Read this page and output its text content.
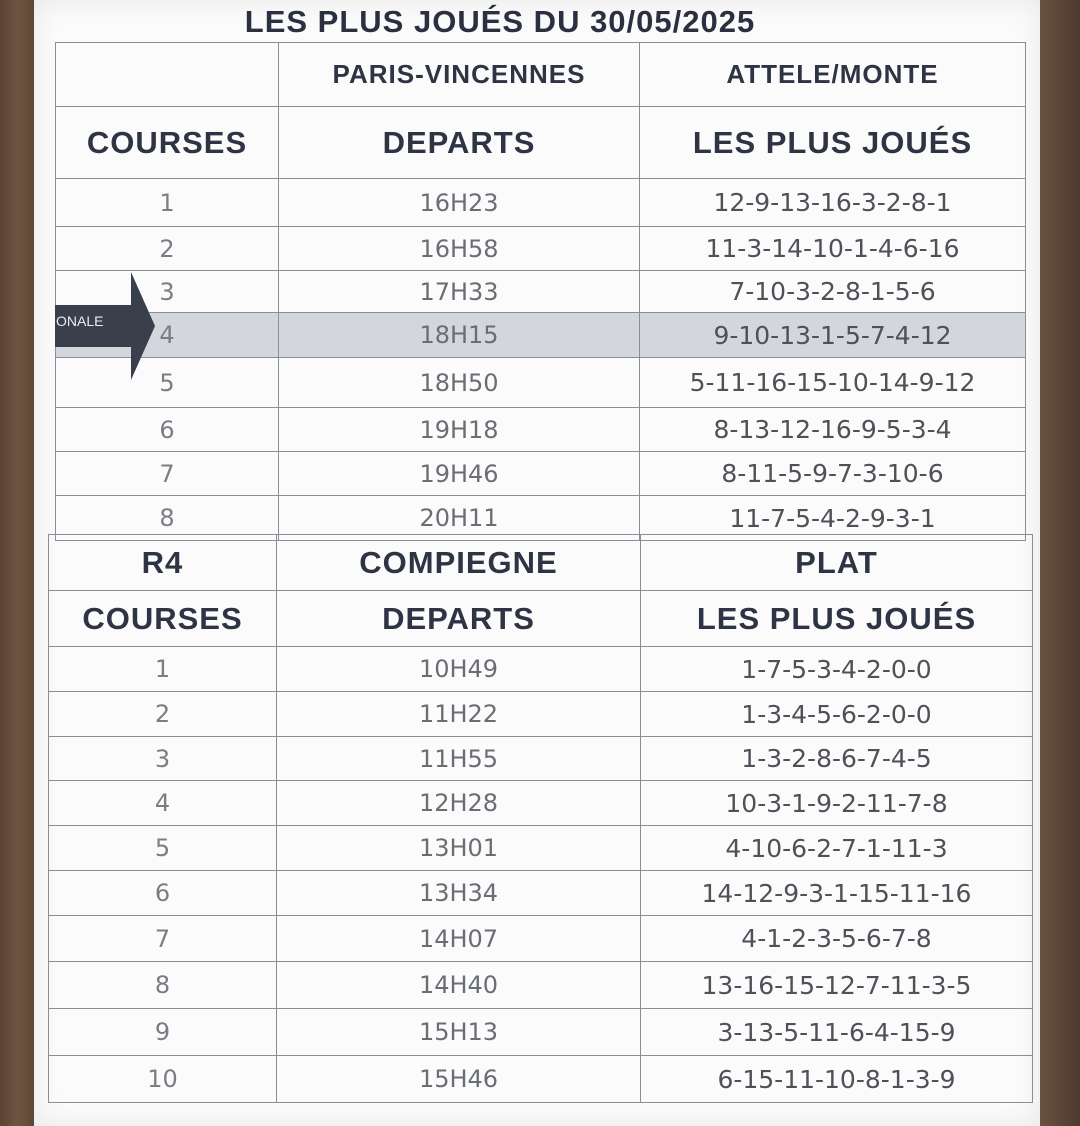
LES PLUS JOUÉS DU 30/05/2025
	PARIS-VINCENNES	ATTELE/MONTE
COURSES	DEPARTS	LES PLUS JOUÉS
1	16H23	12-9-13-16-3-2-8-1
2	16H58	11-3-14-10-1-4-6-16
3	17H33	7-10-3-2-8-1-5-6
4	18H15	9-10-13-1-5-7-4-12
5	18H50	5-11-16-15-10-14-9-12
6	19H18	8-13-12-16-9-5-3-4
7	19H46	8-11-5-9-7-3-10-6
8	20H11	11-7-5-4-2-9-3-1
R4	COMPIEGNE	PLAT
COURSES	DEPARTS	LES PLUS JOUÉS
1	10H49	1-7-5-3-4-2-0-0
2	11H22	1-3-4-5-6-2-0-0
3	11H55	1-3-2-8-6-7-4-5
4	12H28	10-3-1-9-2-11-7-8
5	13H01	4-10-6-2-7-1-11-3
6	13H34	14-12-9-3-1-15-11-16
7	14H07	4-1-2-3-5-6-7-8
8	14H40	13-16-15-12-7-11-3-5
9	15H13	3-13-5-11-6-4-15-9
10	15H46	6-15-11-10-8-1-3-9
ONALE
